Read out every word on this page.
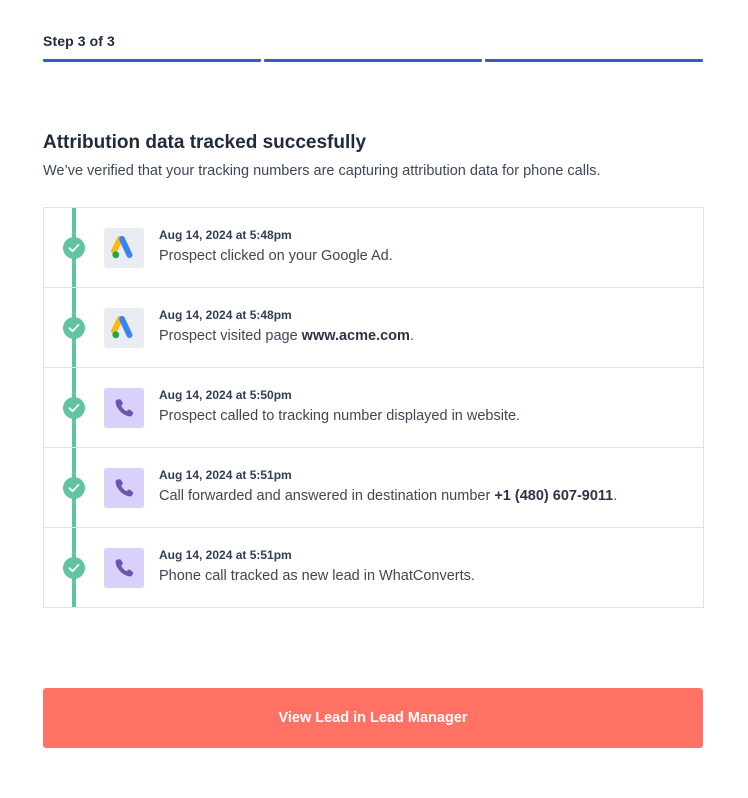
Step 3 of 3
Attribution data tracked succesfully

We’ve verified that your tracking numbers are capturing attribution data for phone calls.

Aug 14, 2024 at 5:48pm
Prospect clicked on your Google Ad.
Aug 14, 2024 at 5:48pm
Prospect visited page www.acme.com.
Aug 14, 2024 at 5:50pm
Prospect called to tracking number displayed in website.
Aug 14, 2024 at 5:51pm
Call forwarded and answered in destination number +1 (480) 607-9011.
Aug 14, 2024 at 5:51pm
Phone call tracked as new lead in WhatConverts.
View Lead in Lead Manager
